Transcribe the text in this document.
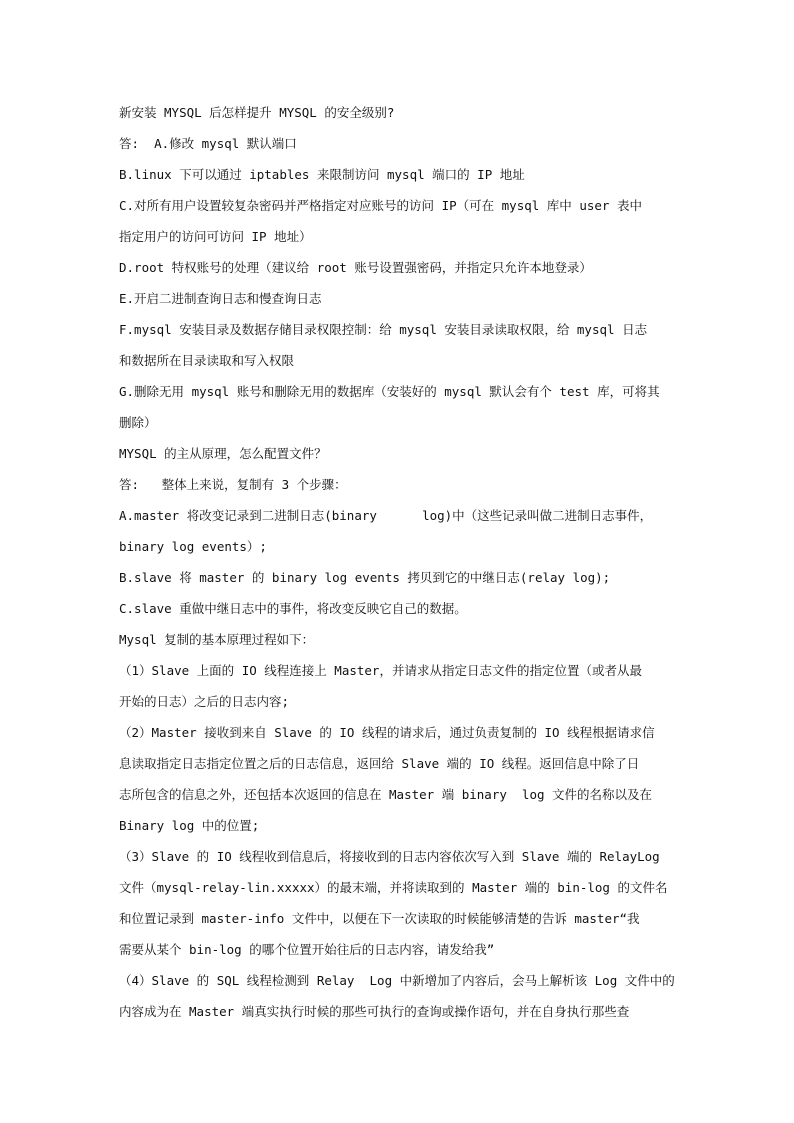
新安装 MYSQL 后怎样提升 MYSQL 的安全级别?
答:  A.修改 mysql 默认端口
B.linux 下可以通过 iptables 来限制访问 mysql 端口的 IP 地址
C.对所有用户设置较复杂密码并严格指定对应账号的访问 IP（可在 mysql 库中 user 表中
指定用户的访问可访问 IP 地址）
D.root 特权账号的处理（建议给 root 账号设置强密码，并指定只允许本地登录）
E.开启二进制查询日志和慢查询日志
F.mysql 安装目录及数据存储目录权限控制：给 mysql 安装目录读取权限，给 mysql 日志
和数据所在目录读取和写入权限
G.删除无用 mysql 账号和删除无用的数据库（安装好的 mysql 默认会有个 test 库，可将其
删除）
MYSQL 的主从原理，怎么配置文件？
答:   整体上来说，复制有 3 个步骤：
A.master 将改变记录到二进制日志(binary      log)中（这些记录叫做二进制日志事件，
binary log events）;
B.slave 将 master 的 binary log events 拷贝到它的中继日志(relay log);
C.slave 重做中继日志中的事件，将改变反映它自己的数据。
Mysql 复制的基本原理过程如下：
（1）Slave 上面的 IO 线程连接上 Master，并请求从指定日志文件的指定位置（或者从最
开始的日志）之后的日志内容;
（2）Master 接收到来自 Slave 的 IO 线程的请求后，通过负责复制的 IO 线程根据请求信
息读取指定日志指定位置之后的日志信息，返回给 Slave 端的 IO 线程。返回信息中除了日
志所包含的信息之外，还包括本次返回的信息在 Master 端 binary  log 文件的名称以及在
Binary log 中的位置;
（3）Slave 的 IO 线程收到信息后，将接收到的日志内容依次写入到 Slave 端的 RelayLog
文件（mysql-relay-lin.xxxxx）的最末端，并将读取到的 Master 端的 bin-log 的文件名
和位置记录到 master-info 文件中，以便在下一次读取的时候能够清楚的告诉 master“我
需要从某个 bin-log 的哪个位置开始往后的日志内容，请发给我”
（4）Slave 的 SQL 线程检测到 Relay  Log 中新增加了内容后，会马上解析该 Log 文件中的
内容成为在 Master 端真实执行时候的那些可执行的查询或操作语句，并在自身执行那些查
